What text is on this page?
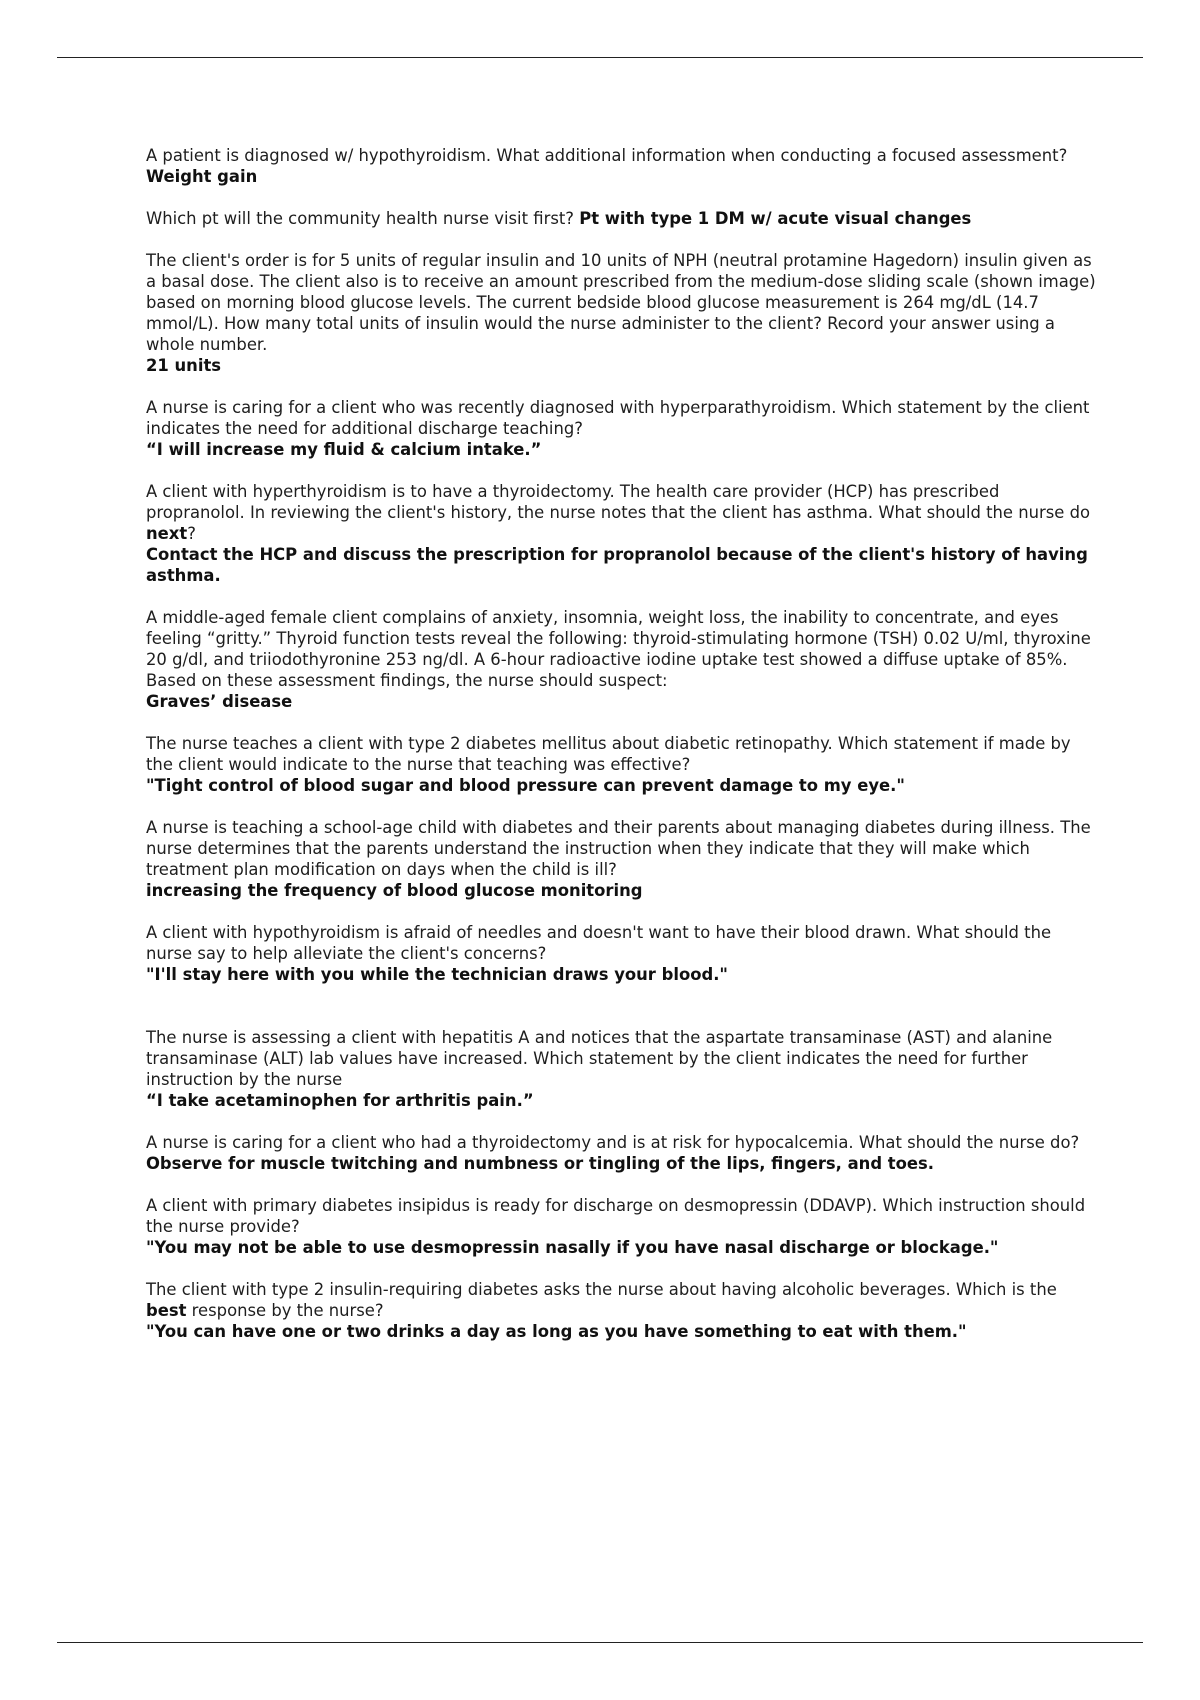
A patient is diagnosed w/ hypothyroidism. What additional information when conducting a focused assessment? Weight gain
Which pt will the community health nurse visit first? Pt with type 1 DM w/ acute visual changes
The client's order is for 5 units of regular insulin and 10 units of NPH (neutral protamine Hagedorn) insulin given as a basal dose. The client also is to receive an amount prescribed from the medium-dose sliding scale (shown image) based on morning blood glucose levels. The current bedside blood glucose measurement is 264 mg/dL (14.7 mmol/L). How many total units of insulin would the nurse administer to the client? Record your answer using a whole number.
21 units
A nurse is caring for a client who was recently diagnosed with hyperparathyroidism. Which statement by the client indicates the need for additional discharge teaching?
“I will increase my fluid & calcium intake.”
A client with hyperthyroidism is to have a thyroidectomy. The health care provider (HCP) has prescribed propranolol. In reviewing the client's history, the nurse notes that the client has asthma. What should the nurse do next?
Contact the HCP and discuss the prescription for propranolol because of the client's history of having asthma.
A middle-aged female client complains of anxiety, insomnia, weight loss, the inability to concentrate, and eyes feeling “gritty.” Thyroid function tests reveal the following: thyroid-stimulating hormone (TSH) 0.02 U/ml, thyroxine 20 g/dl, and triiodothyronine 253 ng/dl. A 6-hour radioactive iodine uptake test showed a diffuse uptake of 85%. Based on these assessment findings, the nurse should suspect:
Graves’ disease
The nurse teaches a client with type 2 diabetes mellitus about diabetic retinopathy. Which statement if made by the client would indicate to the nurse that teaching was effective?
"Tight control of blood sugar and blood pressure can prevent damage to my eye."
A nurse is teaching a school-age child with diabetes and their parents about managing diabetes during illness. The nurse determines that the parents understand the instruction when they indicate that they will make which treatment plan modification on days when the child is ill?
increasing the frequency of blood glucose monitoring
A client with hypothyroidism is afraid of needles and doesn't want to have their blood drawn. What should the nurse say to help alleviate the client's concerns?
"I'll stay here with you while the technician draws your blood."
The nurse is assessing a client with hepatitis A and notices that the aspartate transaminase (AST) and alanine transaminase (ALT) lab values have increased. Which statement by the client indicates the need for further instruction by the nurse
“I take acetaminophen for arthritis pain.”
A nurse is caring for a client who had a thyroidectomy and is at risk for hypocalcemia. What should the nurse do?
Observe for muscle twitching and numbness or tingling of the lips, fingers, and toes.
A client with primary diabetes insipidus is ready for discharge on desmopressin (DDAVP). Which instruction should the nurse provide?
"You may not be able to use desmopressin nasally if you have nasal discharge or blockage."
The client with type 2 insulin-requiring diabetes asks the nurse about having alcoholic beverages. Which is the best response by the nurse?
"You can have one or two drinks a day as long as you have something to eat with them."
